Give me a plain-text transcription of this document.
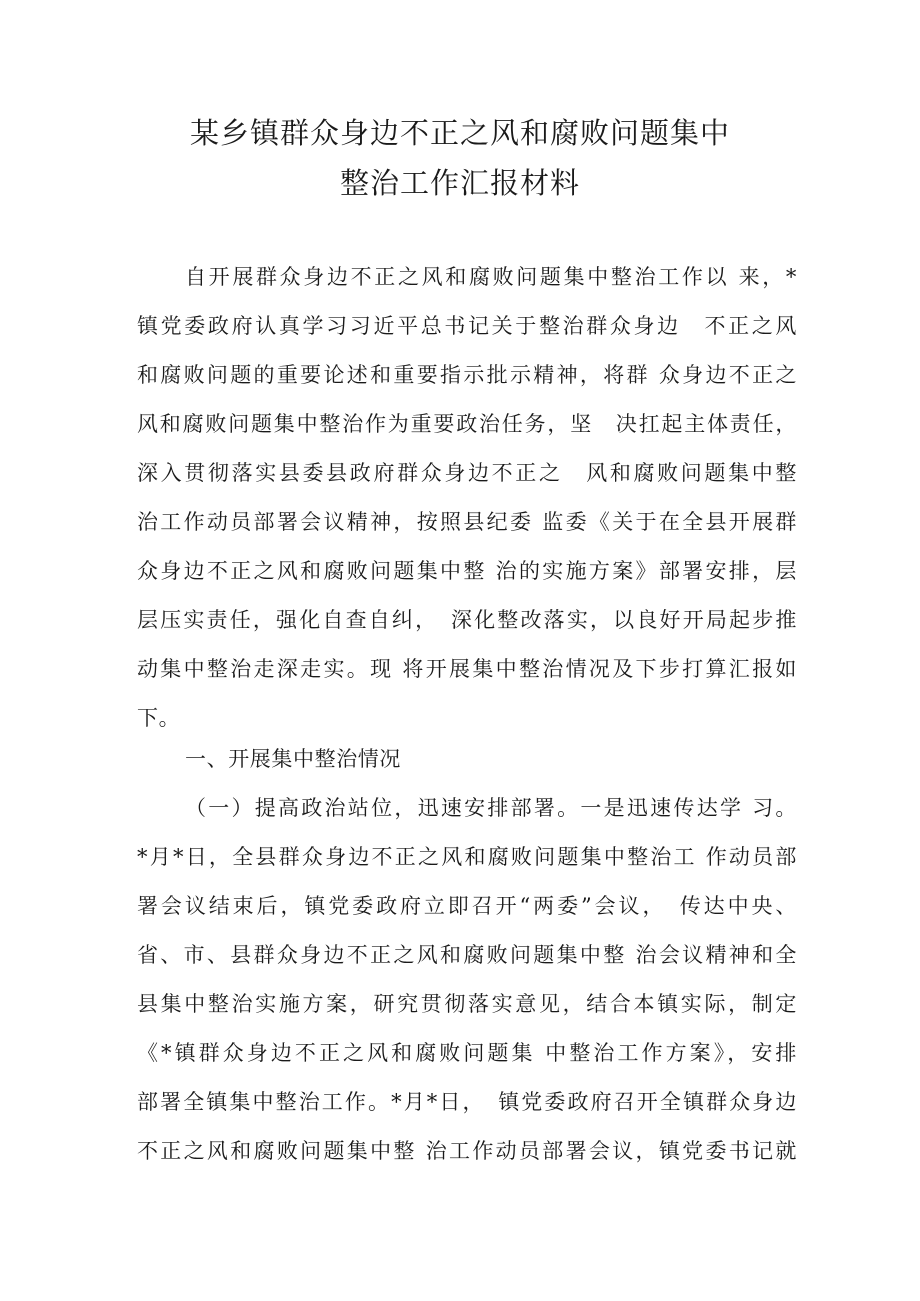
某乡镇群众身边不正之风和腐败问题集中
整治工作汇报材料
自开展群众身边不正之风和腐败问题集中整治工作以 来，*
镇党委政府认真学习习近平总书记关于整治群众身边　不正之风
和腐败问题的重要论述和重要指示批示精神，将群 众身边不正之
风和腐败问题集中整治作为重要政治任务，坚　决扛起主体责任，
深入贯彻落实县委县政府群众身边不正之　风和腐败问题集中整
治工作动员部署会议精神，按照县纪委 监委《关于在全县开展群
众身边不正之风和腐败问题集中整 治的实施方案》部署安排，层
层压实责任，强化自查自纠，　深化整改落实，以良好开局起步推
动集中整治走深走实。现 将开展集中整治情况及下步打算汇报如
下。
一、开展集中整治情况
（一）提高政治站位，迅速安排部署。一是迅速传达学 习。
*月*日，全县群众身边不正之风和腐败问题集中整治工 作动员部
署会议结束后，镇党委政府立即召开“两委”会议，　传达中央、
省、市、县群众身边不正之风和腐败问题集中整 治会议精神和全
县集中整治实施方案，研究贯彻落实意见，结合本镇实际，制定
《*镇群众身边不正之风和腐败问题集 中整治工作方案》，安排
部署全镇集中整治工作。*月*日，　镇党委政府召开全镇群众身边
不正之风和腐败问题集中整 治工作动员部署会议，镇党委书记就
